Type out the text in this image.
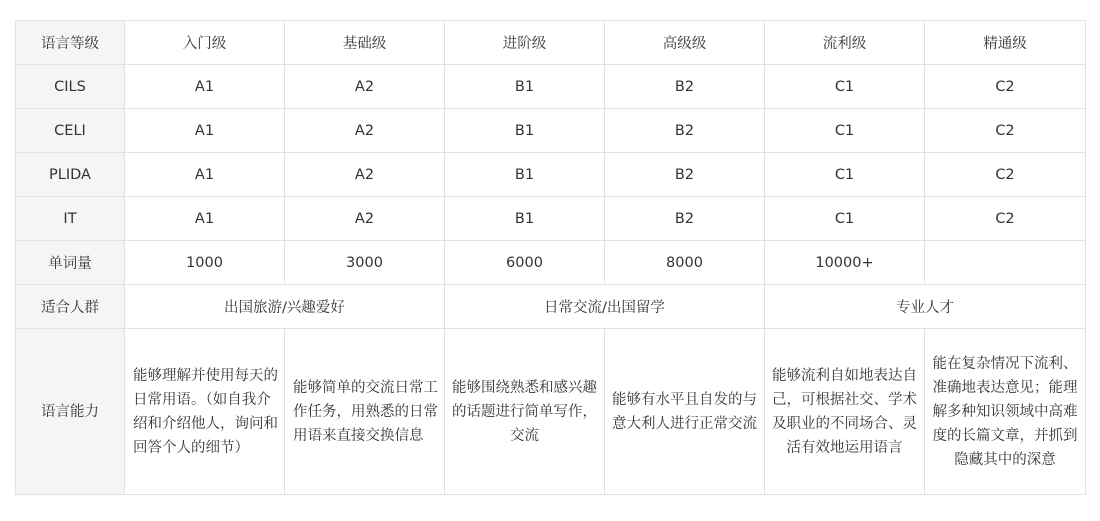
语言等级	入门级	基础级	进阶级	高级级	流利级	精通级
CILS	A1	A2	B1	B2	C1	C2
CELI	A1	A2	B1	B2	C1	C2
PLIDA	A1	A2	B1	B2	C1	C2
IT	A1	A2	B1	B2	C1	C2
单词量	1000	3000	6000	8000	10000+	
适合人群	出国旅游/兴趣爱好		日常交流/出国留学		专业人才	
语言能力	能够理解并使用每天的日常用语。（如自我介绍和介绍他人，询问和回答个人的细节）	能够简单的交流日常工作任务，用熟悉的日常用语来直接交换信息	能够围绕熟悉和感兴趣的话题进行简单写作，交流	能够有水平且自发的与意大利人进行正常交流	能够流利自如地表达自己，可根据社交、学术及职业的不同场合、灵活有效地运用语言	能在复杂情况下流利、准确地表达意见；能理解多种知识领域中高难度的长篇文章，并抓到隐藏其中的深意
